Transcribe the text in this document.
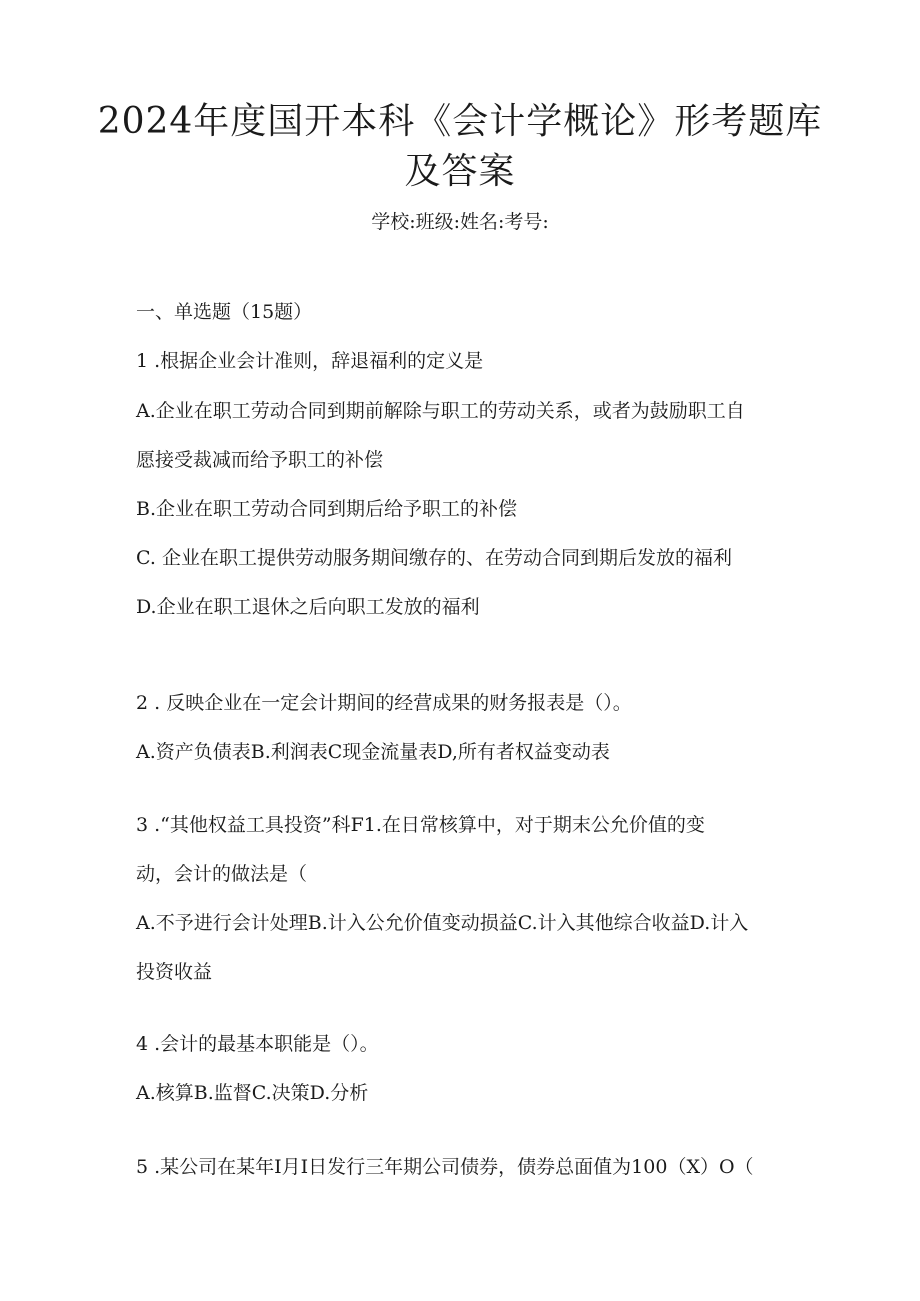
2024年度国开本科《会计学概论》形考题库
及答案
学校:班级:姓名:考号:
一、单选题（15题）
1 .根据企业会计准则，辞退福利的定义是
A.企业在职工劳动合同到期前解除与职工的劳动关系，或者为鼓励职工自
愿接受裁减而给予职工的补偿
B.企业在职工劳动合同到期后给予职工的补偿
C. 企业在职工提供劳动服务期间缴存的、在劳动合同到期后发放的福利
D.企业在职工退休之后向职工发放的福利
2 . 反映企业在一定会计期间的经营成果的财务报表是（）。
A.资产负债表B.利润表C现金流量表D,所有者权益变动表
3 .“其他权益工具投资”科F1.在日常核算中，对于期末公允价值的变
动，会计的做法是（
A.不予进行会计处理B.计入公允价值变动损益C.计入其他综合收益D.计入
投资收益
4 .会计的最基本职能是（）。
A.核算B.监督C.决策D.分析
5 .某公司在某年I月I日发行三年期公司债券，债券总面值为100（X）O（
